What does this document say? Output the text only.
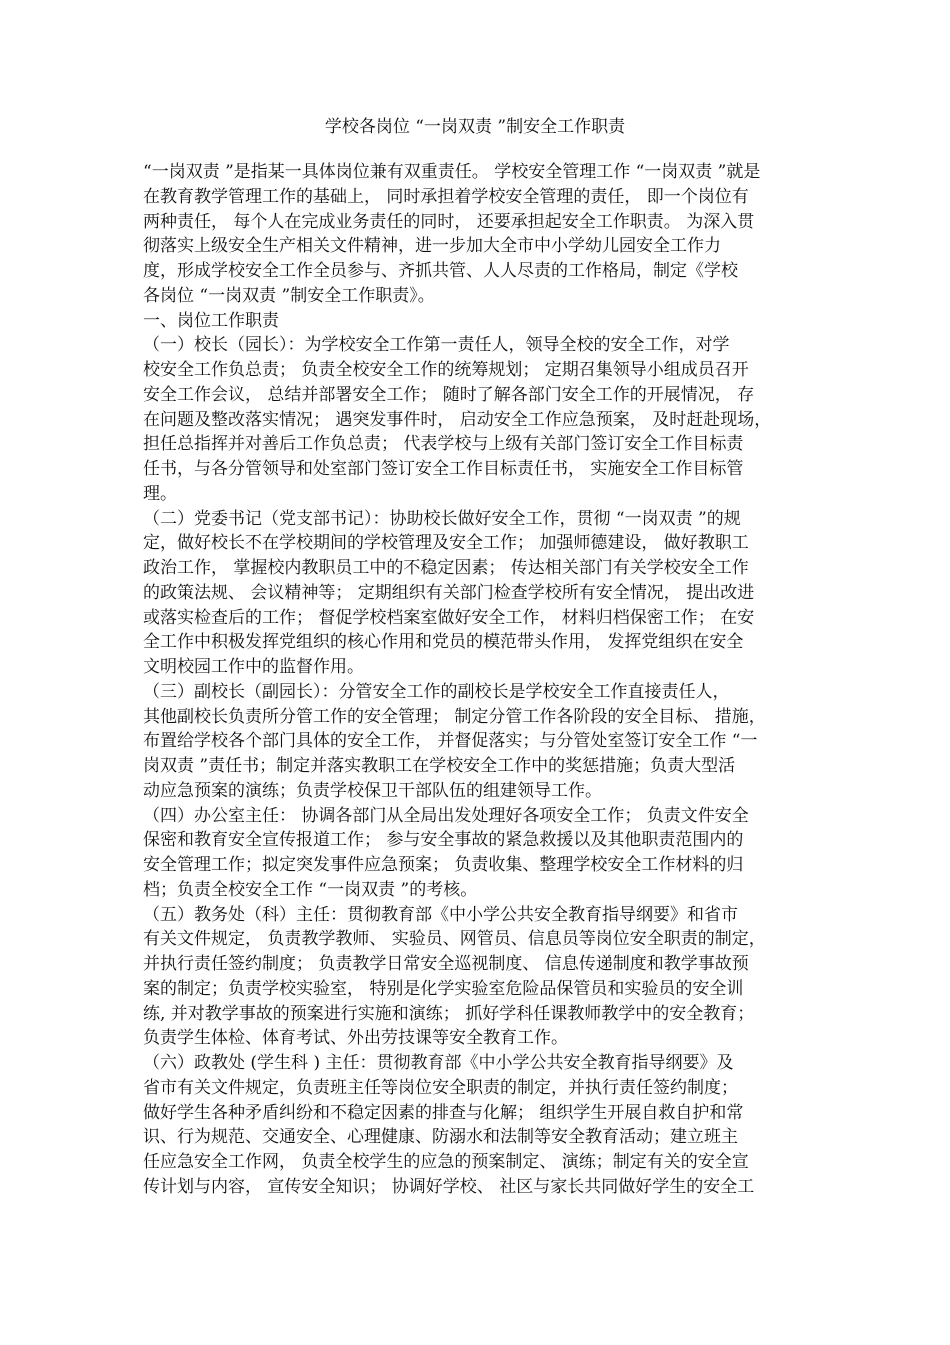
学校各岗位 “一岗双责 ”制安全工作职责
“一岗双责 ”是指某一具体岗位兼有双重责任。 学校安全管理工作 “一岗双责 ”就是
在教育教学管理工作的基础上， 同时承担着学校安全管理的责任， 即一个岗位有
两种责任， 每个人在完成业务责任的同时， 还要承担起安全工作职责。 为深入贯
彻落实上级安全生产相关文件精神，进一步加大全市中小学幼儿园安全工作力
度，形成学校安全工作全员参与、齐抓共管、人人尽责的工作格局，制定《学校
各岗位 “一岗双责 ”制安全工作职责》。
一、岗位工作职责
（一）校长（园长）：为学校安全工作第一责任人，领导全校的安全工作，对学
校安全工作负总责； 负责全校安全工作的统筹规划； 定期召集领导小组成员召开
安全工作会议， 总结并部署安全工作； 随时了解各部门安全工作的开展情况， 存
在问题及整改落实情况； 遇突发事件时， 启动安全工作应急预案， 及时赶赴现场，
担任总指挥并对善后工作负总责； 代表学校与上级有关部门签订安全工作目标责
任书，与各分管领导和处室部门签订安全工作目标责任书， 实施安全工作目标管
理。
（二）党委书记（党支部书记）：协助校长做好安全工作，贯彻 “一岗双责 ”的规
定，做好校长不在学校期间的学校管理及安全工作； 加强师德建设， 做好教职工
政治工作， 掌握校内教职员工中的不稳定因素； 传达相关部门有关学校安全工作
的政策法规、 会议精神等； 定期组织有关部门检查学校所有安全情况， 提出改进
或落实检查后的工作； 督促学校档案室做好安全工作， 材料归档保密工作； 在安
全工作中积极发挥党组织的核心作用和党员的模范带头作用， 发挥党组织在安全
文明校园工作中的监督作用。
（三）副校长（副园长）：分管安全工作的副校长是学校安全工作直接责任人，
其他副校长负责所分管工作的安全管理； 制定分管工作各阶段的安全目标、 措施，
布置给学校各个部门具体的安全工作， 并督促落实；与分管处室签订安全工作 “一
岗双责 ”责任书；制定并落实教职工在学校安全工作中的奖惩措施；负责大型活
动应急预案的演练；负责学校保卫干部队伍的组建领导工作。
（四）办公室主任： 协调各部门从全局出发处理好各项安全工作； 负责文件安全
保密和教育安全宣传报道工作； 参与安全事故的紧急救援以及其他职责范围内的
安全管理工作；拟定突发事件应急预案； 负责收集、整理学校安全工作材料的归
档；负责全校安全工作 “一岗双责 ”的考核。
（五）教务处（科）主任：贯彻教育部《中小学公共安全教育指导纲要》和省市
有关文件规定， 负责教学教师、 实验员、网管员、信息员等岗位安全职责的制定，
并执行责任签约制度； 负责教学日常安全巡视制度、 信息传递制度和教学事故预
案的制定；负责学校实验室， 特别是化学实验室危险品保管员和实验员的安全训
练, 并对教学事故的预案进行实施和演练； 抓好学科任课教师教学中的安全教育；
负责学生体检、体育考试、外出劳技课等安全教育工作。
（六）政教处 (学生科 ) 主任：贯彻教育部《中小学公共安全教育指导纲要》及
省市有关文件规定，负责班主任等岗位安全职责的制定，并执行责任签约制度；
做好学生各种矛盾纠纷和不稳定因素的排查与化解； 组织学生开展自救自护和常
识、行为规范、交通安全、心理健康、防溺水和法制等安全教育活动；建立班主
任应急安全工作网， 负责全校学生的应急的预案制定、 演练；制定有关的安全宣
传计划与内容， 宣传安全知识； 协调好学校、 社区与家长共同做好学生的安全工
